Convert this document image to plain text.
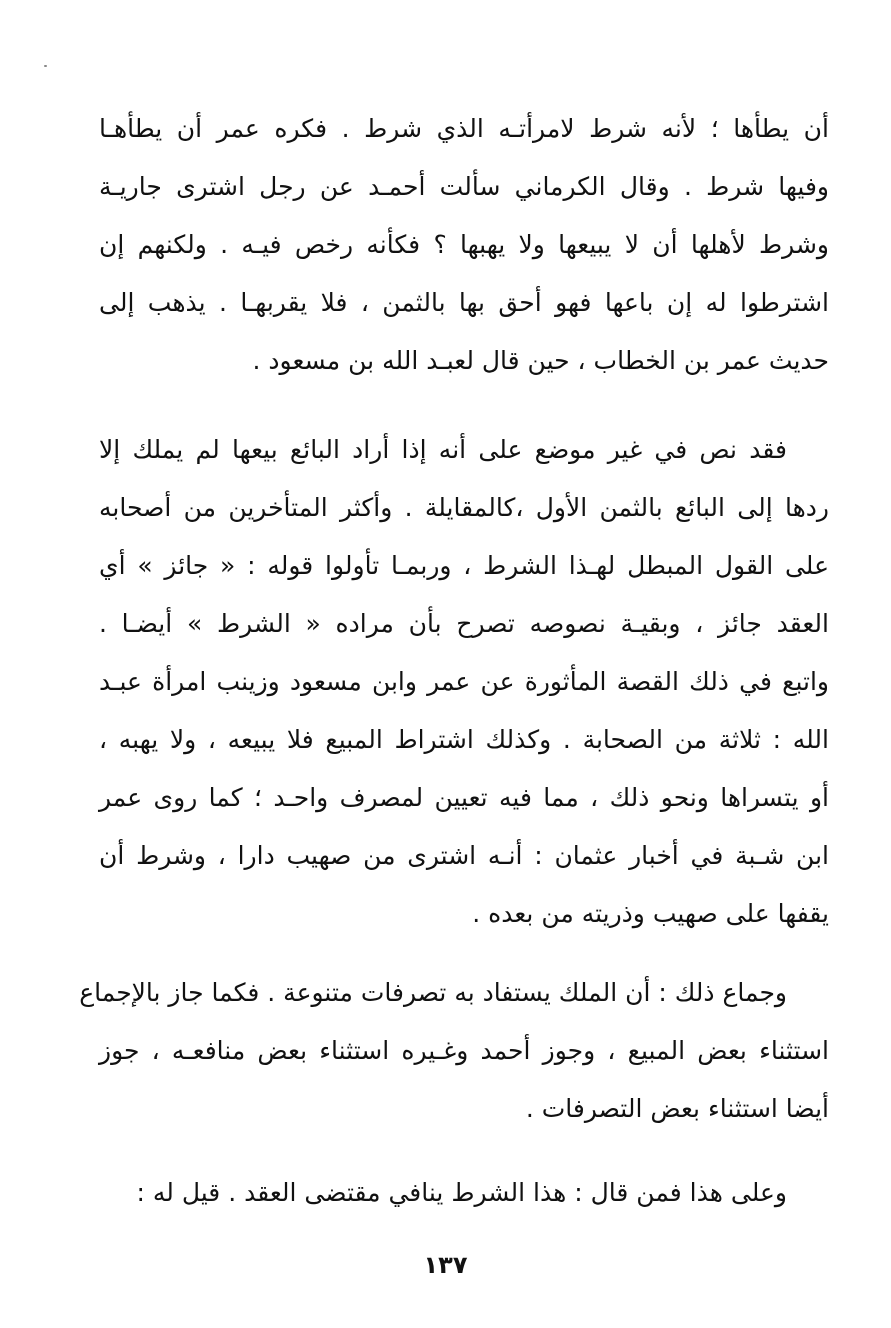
أن يطأها ؛ لأنه شرط لامرأتـه الذي شرط . فكره عمر أن يطأهـا
وفيها شرط . وقال الكرماني سألت أحمـد عن رجل اشترى جاريـة
وشرط لأهلها أن لا يبيعها ولا يهبها ؟ فكأنه رخص فيـه . ولكنهم إن
اشترطوا له إن باعها فهو أحق بها بالثمن ، فلا يقربهـا . يذهب إلى
حديث عمر بن الخطاب ، حين قال لعبـد الله بن مسعود .
فقد نص في غير موضع على أنه إذا أراد البائع بيعها لم يملك إلا
ردها إلى البائع بالثمن الأول ،كالمقايلة . وأكثر المتأخرين من أصحابه
على القول المبطل لهـذا الشرط ، وربمـا تأولوا قوله : « جائز » أي
العقد جائز ، وبقيـة نصوصه تصرح بأن مراده « الشرط » أيضـا .
واتبع في ذلك القصة المأثورة عن عمر وابن مسعود وزينب امرأة عبـد
الله : ثلاثة من الصحابة . وكذلك اشتراط المبيع فلا يبيعه ، ولا يهبه ،
أو يتسراها ونحو ذلك ، مما فيه تعيين لمصرف واحـد ؛ كما روى عمر
ابن شـبة في أخبار عثمان : أنـه اشترى من صهيب دارا ، وشرط أن
يقفها على صهيب وذريته من بعده .
وجماع ذلك : أن الملك يستفاد به تصرفات متنوعة . فكما جاز بالإجماع
استثناء بعض المبيع ، وجوز أحمد وغـيره استثناء بعض منافعـه ، جوز
أيضا استثناء بعض التصرفات .
وعلى هذا فمن قال : هذا الشرط ينافي مقتضى العقد . قيل له :
١٣٧
